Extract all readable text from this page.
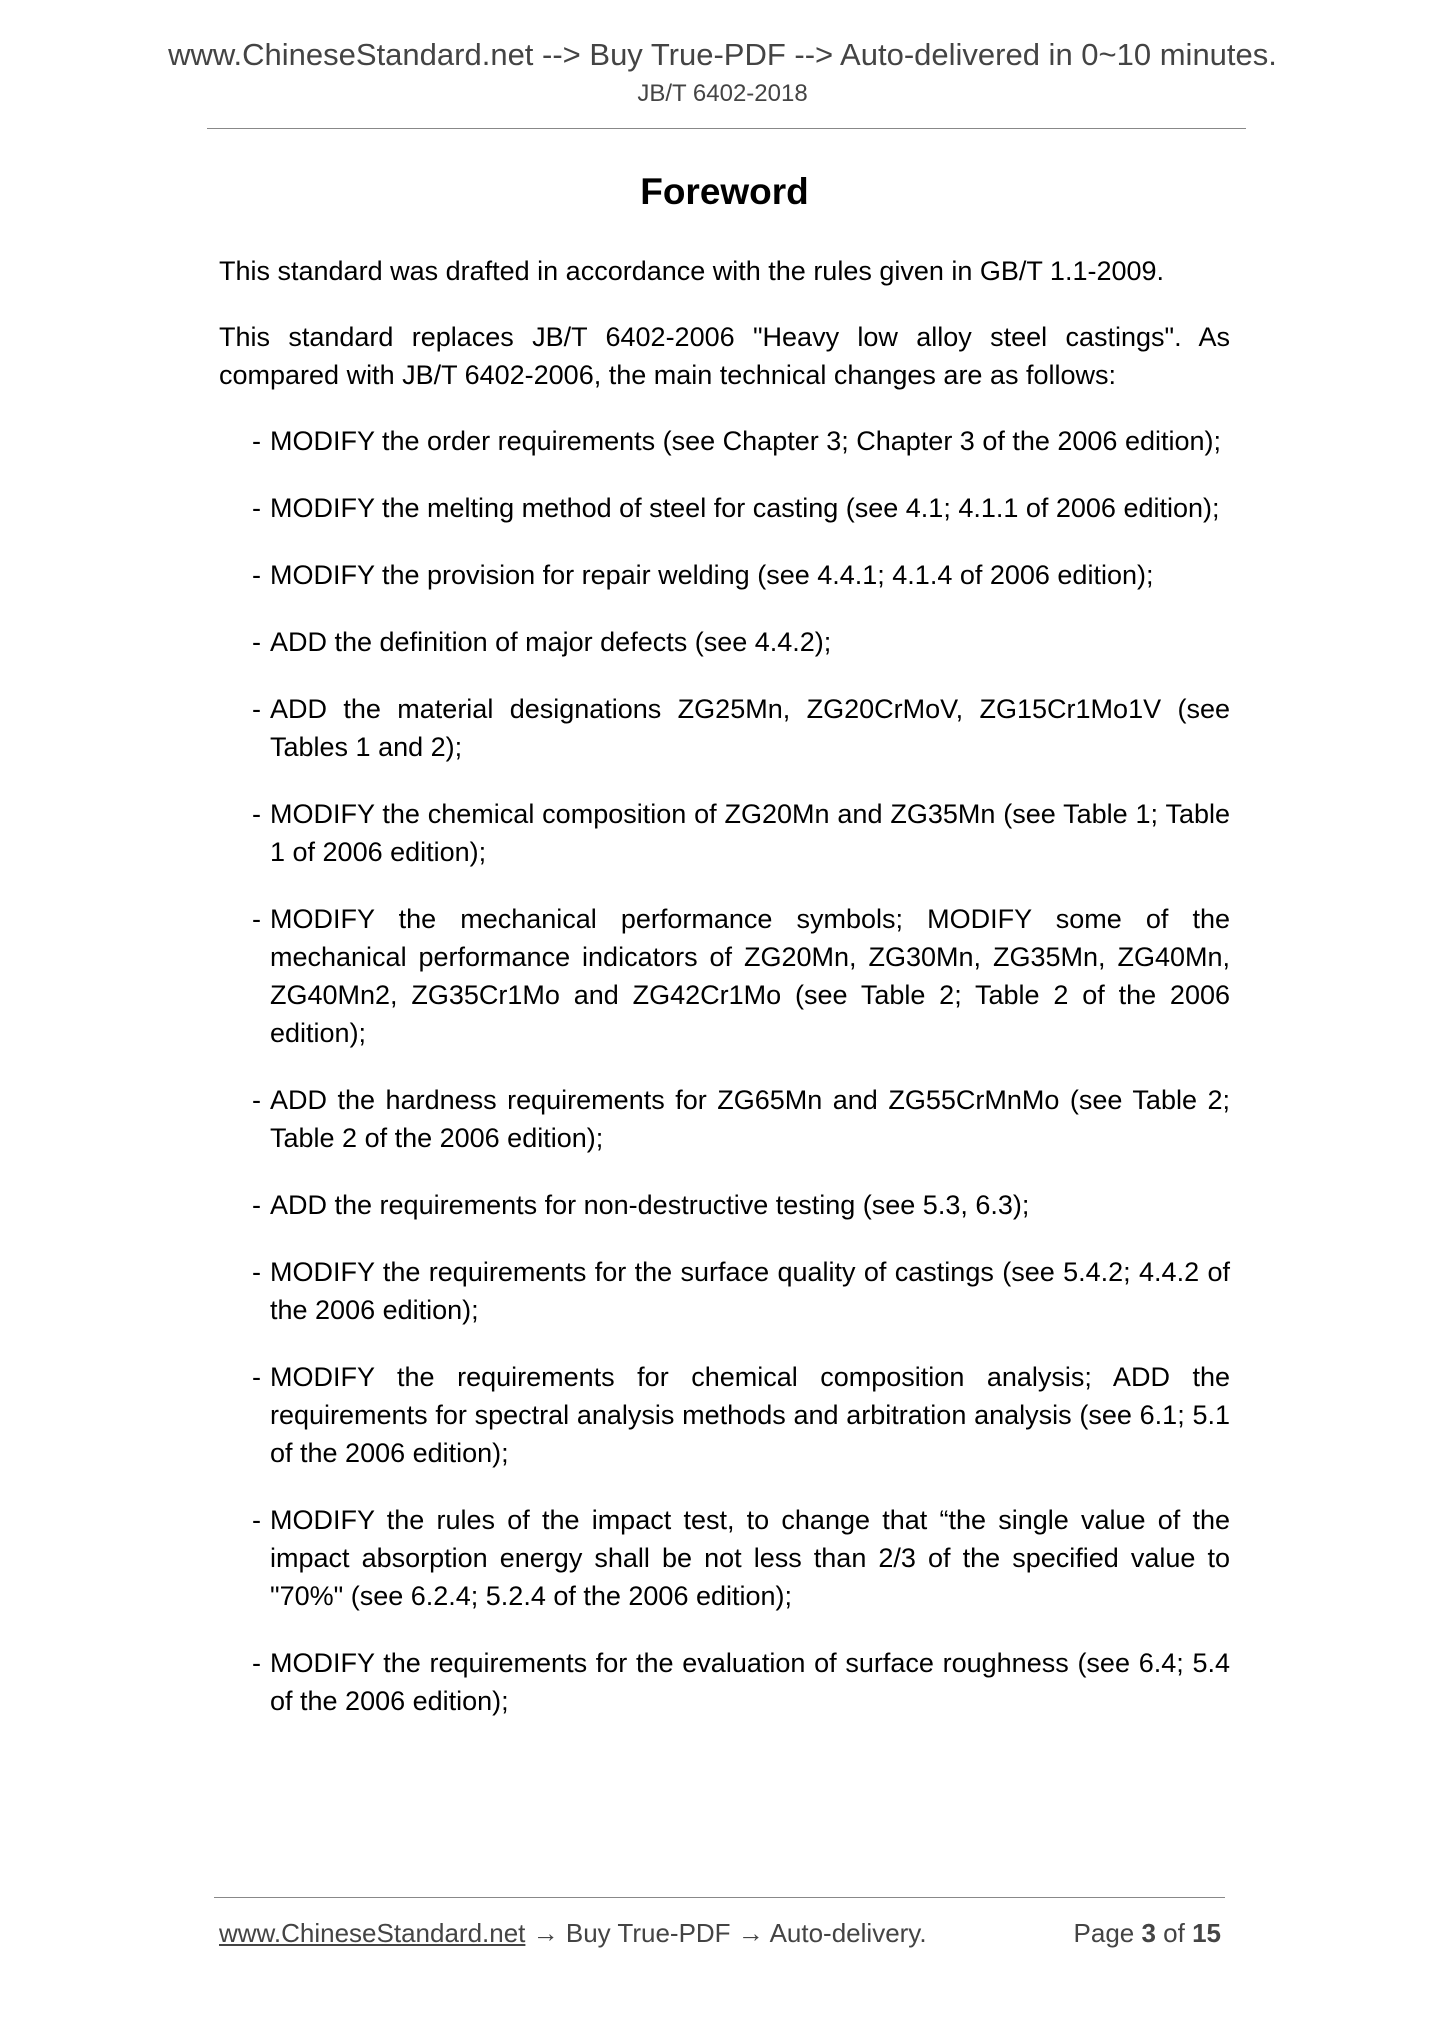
www.ChineseStandard.net --> Buy True-PDF --> Auto-delivered in 0~10 minutes.
JB/T 6402-2018
Foreword

This standard was drafted in accordance with the rules given in GB/T 1.1-2009.

This standard replaces JB/T 6402-2006 "Heavy low alloy steel castings". As compared with JB/T 6402-2006, the main technical changes are as follows:

- MODIFY the order requirements (see Chapter 3; Chapter 3 of the 2006 edition);
- MODIFY the melting method of steel for casting (see 4.1; 4.1.1 of 2006 edition);
- MODIFY the provision for repair welding (see 4.4.1; 4.1.4 of 2006 edition);
- ADD the definition of major defects (see 4.4.2);
- ADD the material designations ZG25Mn, ZG20CrMoV, ZG15Cr1Mo1V (see Tables 1 and 2);
- MODIFY the chemical composition of ZG20Mn and ZG35Mn (see Table 1; Table 1 of 2006 edition);
- MODIFY the mechanical performance symbols; MODIFY some of the mechanical performance indicators of ZG20Mn, ZG30Mn, ZG35Mn, ZG40Mn, ZG40Mn2, ZG35Cr1Mo and ZG42Cr1Mo (see Table 2; Table 2 of the 2006 edition);
- ADD the hardness requirements for ZG65Mn and ZG55CrMnMo (see Table 2; Table 2 of the 2006 edition);
- ADD the requirements for non-destructive testing (see 5.3, 6.3);
- MODIFY the requirements for the surface quality of castings (see 5.4.2; 4.4.2 of the 2006 edition);
- MODIFY the requirements for chemical composition analysis; ADD the requirements for spectral analysis methods and arbitration analysis (see 6.1; 5.1 of the 2006 edition);
- MODIFY the rules of the impact test, to change that “the single value of the impact absorption energy shall be not less than 2/3 of the specified value to "70%" (see 6.2.4; 5.2.4 of the 2006 edition);
- MODIFY the requirements for the evaluation of surface roughness (see 6.4; 5.4 of the 2006 edition);
www.ChineseStandard.net → Buy True-PDF → Auto-delivery.	Page 3 of 15
